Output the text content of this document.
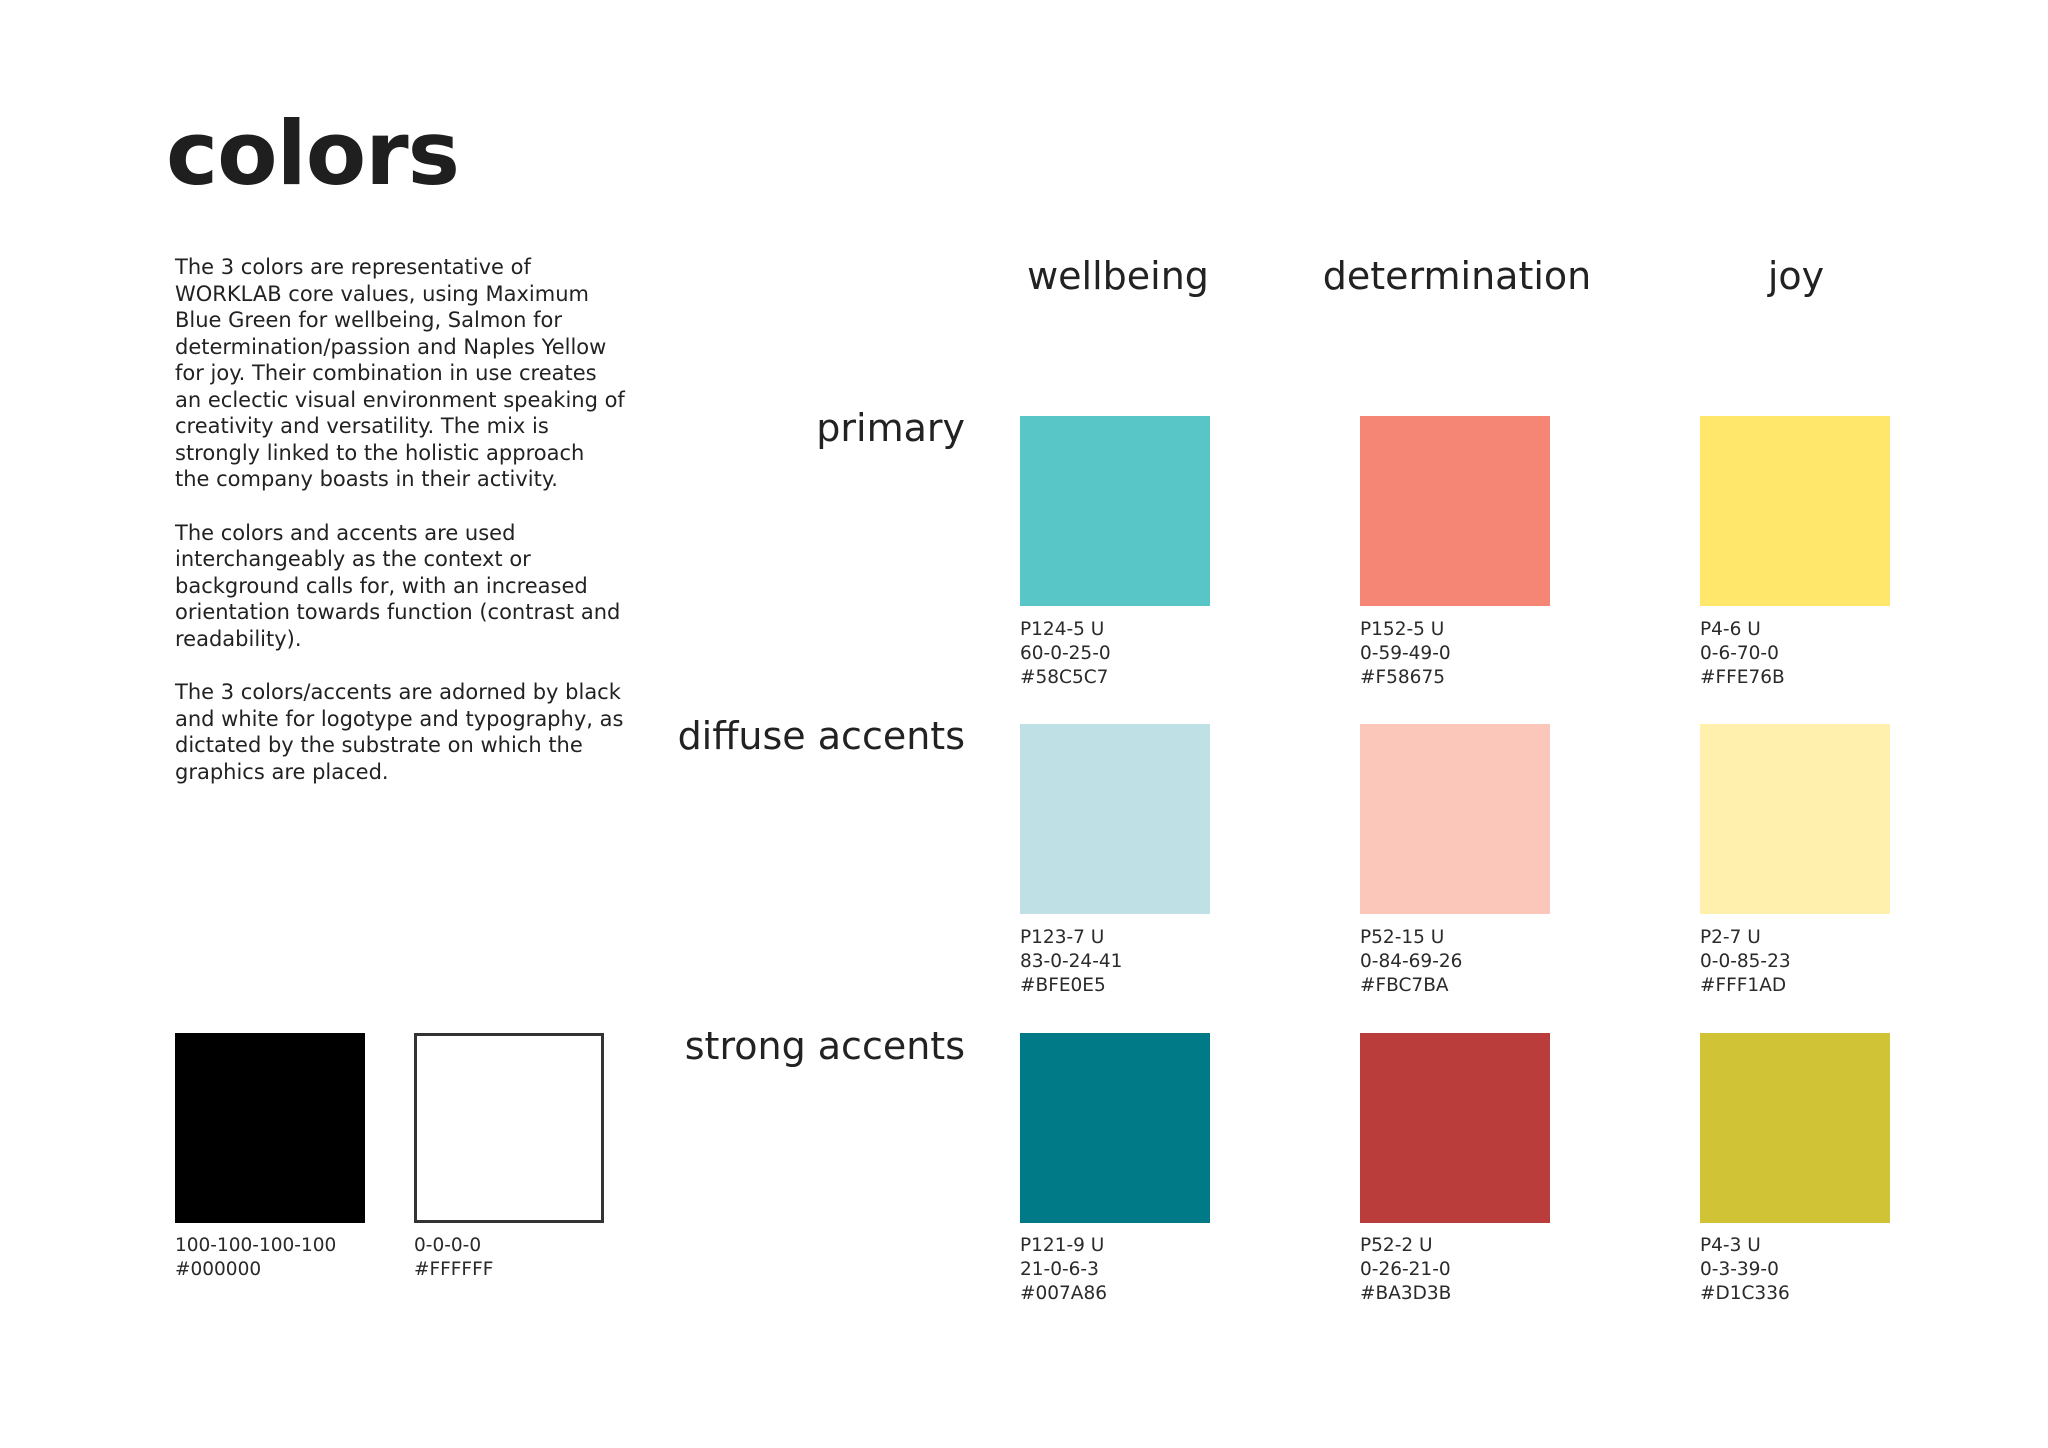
colors

The 3 colors are representative of WORKLAB core values, using Maximum Blue Green for wellbeing, Salmon for determination/passion and Naples Yellow for joy. Their combination in use creates an eclectic visual environment speaking of creativity and versatility. The mix is strongly linked to the holistic approach the company boasts in their activity.

The colors and accents are used interchangeably as the context or background calls for, with an increased orientation towards function (contrast and readability).

The 3 colors/accents are adorned by black and white for logotype and typography, as dictated by the substrate on which the graphics are placed.

wellbeing	determination	joy
primary
diffuse accents
strong accents
P124-5 U
60-0-25-0
#58C5C7
P152-5 U
0-59-49-0
#F58675
P4-6 U
0-6-70-0
#FFE76B
P123-7 U
83-0-24-41
#BFE0E5
P52-15 U
0-84-69-26
#FBC7BA
P2-7 U
0-0-85-23
#FFF1AD
P121-9 U
21-0-6-3
#007A86
P52-2 U
0-26-21-0
#BA3D3B
P4-3 U
0-3-39-0
#D1C336
100-100-100-100
#000000
0-0-0-0
#FFFFFF
